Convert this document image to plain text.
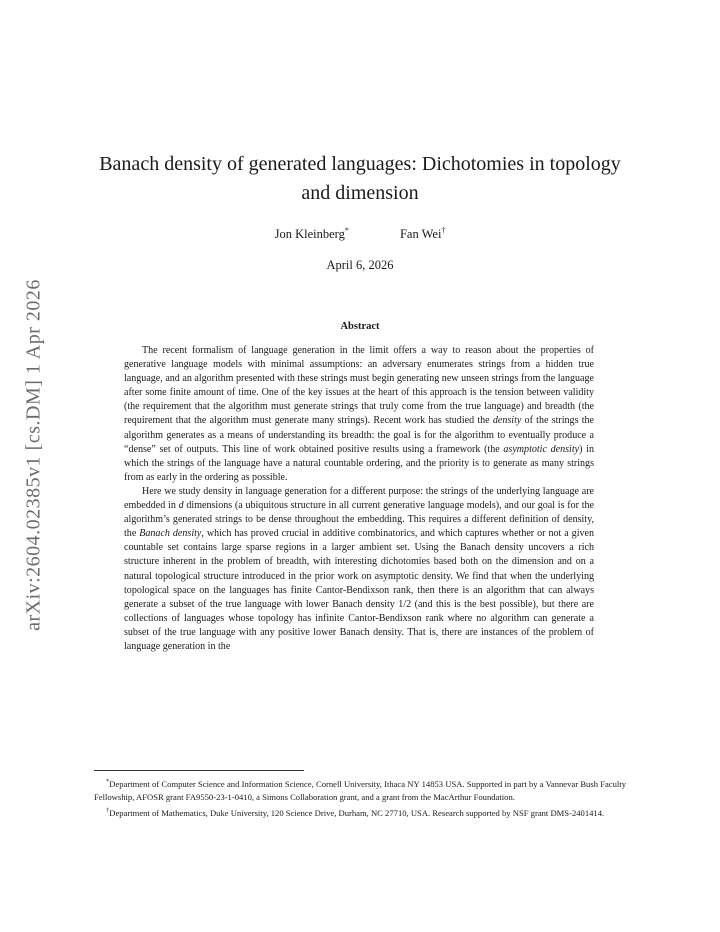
arXiv:2604.02385v1 [cs.DM] 1 Apr 2026
Banach density of generated languages: Dichotomies in topology and dimension
Jon Kleinberg*	Fan Wei†
April 6, 2026
Abstract

The recent formalism of language generation in the limit offers a way to reason about the properties of generative language models with minimal assumptions: an adversary enumerates strings from a hidden true language, and an algorithm presented with these strings must begin generating new unseen strings from the language after some finite amount of time. One of the key issues at the heart of this approach is the tension between validity (the requirement that the algorithm must generate strings that truly come from the true language) and breadth (the requirement that the algorithm must generate many strings). Recent work has studied the density of the strings the algorithm generates as a means of understanding its breadth: the goal is for the algorithm to eventually produce a “dense” set of outputs. This line of work obtained positive results using a framework (the asymptotic density) in which the strings of the language have a natural countable ordering, and the priority is to generate as many strings from as early in the ordering as possible.

Here we study density in language generation for a different purpose: the strings of the underlying language are embedded in d dimensions (a ubiquitous structure in all current generative language models), and our goal is for the algorithm’s generated strings to be dense throughout the embedding. This requires a different definition of density, the Banach density, which has proved crucial in additive combinatorics, and which captures whether or not a given countable set contains large sparse regions in a larger ambient set. Using the Banach density uncovers a rich structure inherent in the problem of breadth, with interesting dichotomies based both on the dimension and on a natural topological structure introduced in the prior work on asymptotic density. We find that when the underlying topological space on the languages has finite Cantor-Bendixson rank, then there is an algorithm that can always generate a subset of the true language with lower Banach density 1/2 (and this is the best possible), but there are collections of languages whose topology has infinite Cantor-Bendixson rank where no algorithm can generate a subset of the true language with any positive lower Banach density. That is, there are instances of the problem of language generation in the

*Department of Computer Science and Information Science, Cornell University, Ithaca NY 14853 USA. Supported in part by a Vannevar Bush Faculty Fellowship, AFOSR grant FA9550-23-1-0410, a Simons Collaboration grant, and a grant from the MacArthur Foundation.

†Department of Mathematics, Duke University, 120 Science Drive, Durham, NC 27710, USA. Research supported by NSF grant DMS-2401414.
